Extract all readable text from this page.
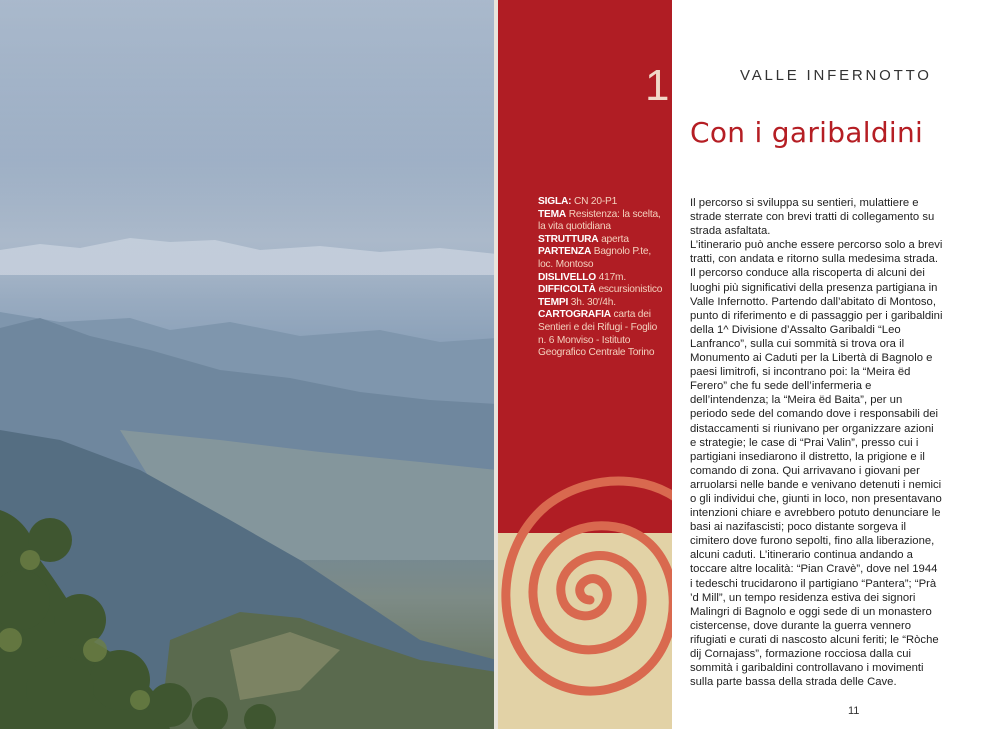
1
SIGLA: CN 20-P1
TEMA Resistenza: la scelta, la vita quotidiana
STRUTTURA aperta
PARTENZA Bagnolo P.te, loc. Montoso
DISLIVELLO 417m.
DIFFICOLTÀ escursionistico
TEMPI 3h. 30'/4h.
CARTOGRAFIA carta dei Sentieri e dei Rifugi - Foglio n. 6 Monviso - Istituto Geografico Centrale Torino
VALLE INFERNOTTO
Con i garibaldini

Il percorso si sviluppa su sentieri, mulattiere e strade sterrate con brevi tratti di collegamento su strada asfaltata.

L’itinerario può anche essere percorso solo a brevi tratti, con andata e ritorno sulla medesima strada.

Il percorso conduce alla riscoperta di alcuni dei luoghi più significativi della presenza partigiana in Valle Infernotto. Partendo dall’abitato di Montoso, punto di riferimento e di passaggio per i garibaldini della 1^ Divisione d’Assalto Garibaldi “Leo Lanfranco”, sulla cui sommità si trova ora il Monumento ai Caduti per la Libertà di Bagnolo e paesi limitrofi, si incontrano poi: la “Meira ëd Ferero” che fu sede dell’infermeria e dell’intendenza; la “Meira ëd Baita”, per un periodo sede del comando dove i responsabili dei distaccamenti si riunivano per organizzare azioni e strategie; le case di “Prai Valin”, presso cui i partigiani insediarono il distretto, la prigione e il comando di zona. Qui arrivavano i giovani per arruolarsi nelle bande e venivano detenuti i nemici o gli individui che, giunti in loco, non presentavano intenzioni chiare e avrebbero potuto denunciare le basi ai nazifascisti; poco distante sorgeva il cimitero dove furono sepolti, fino alla liberazione, alcuni caduti. L’itinerario continua andando a toccare altre località: “Pian Cravè”, dove nel 1944 i tedeschi trucidarono il partigiano “Pantera”; “Prà ’d Mill”, un tempo residenza estiva dei signori Malingri di Bagnolo e oggi sede di un monastero cistercense, dove durante la guerra vennero rifugiati e curati di nascosto alcuni feriti; le “Ròche dij Cornajass”, formazione rocciosa dalla cui sommità i garibaldini controllavano i movimenti sulla parte bassa della strada delle Cave.

11
